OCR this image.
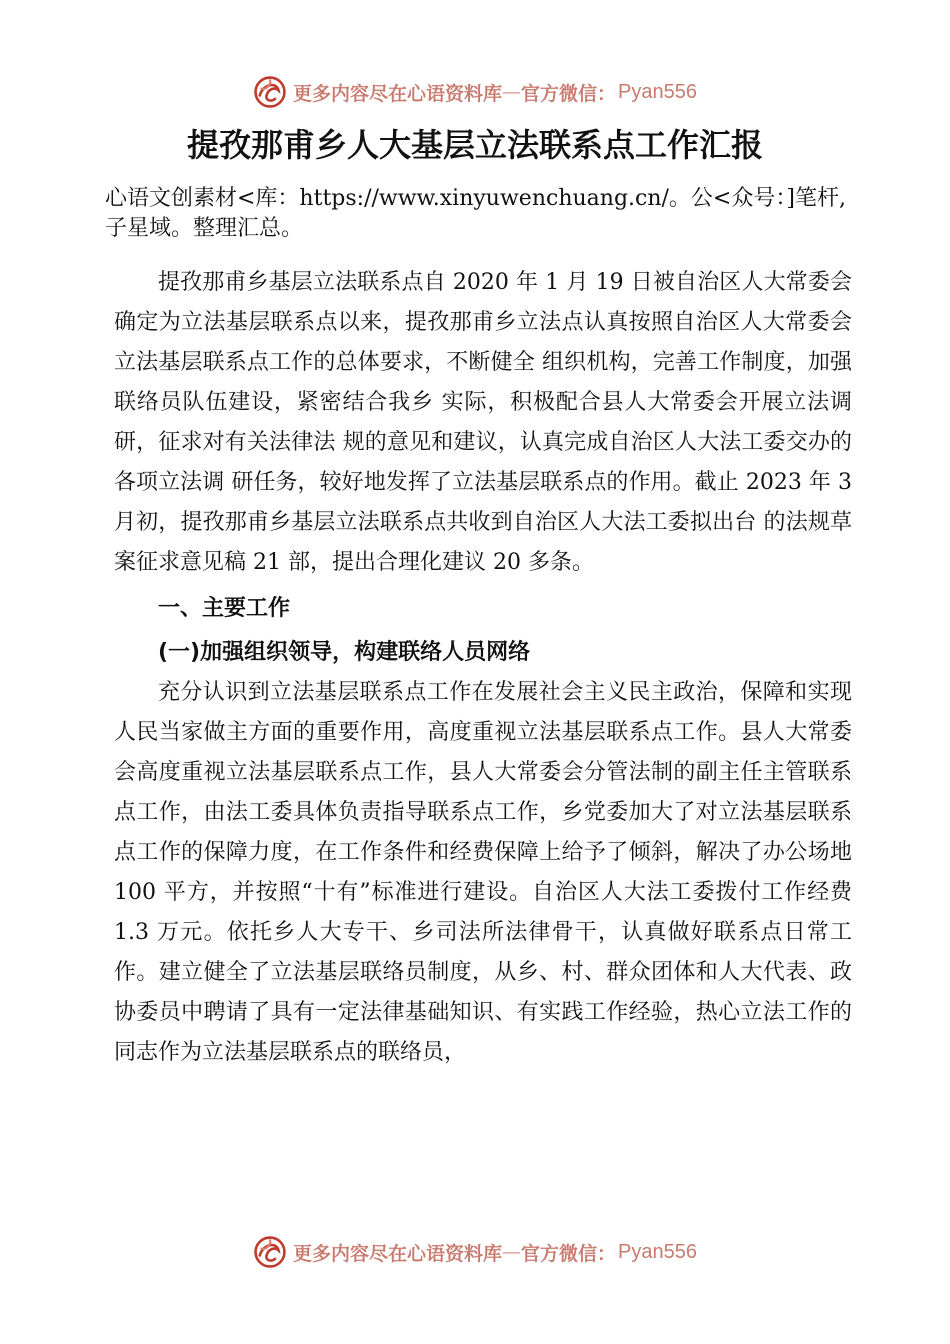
更多内容尽在心语资料库 — 官方微信： Pyan556
提孜那甫乡人大基层立法联系点工作汇报
心语文创素材<库：https://www.xinyuwenchuang.cn/。公<众号：]笔杆,子星域。整理汇总。

提孜那甫乡基层立法联系点自 2020 年 1 月 19 日被自治区人大常委会确定为立法基层联系点以来，提孜那甫乡立法点认真按照自治区人大常委会立法基层联系点工作的总体要求，不断健全 组织机构，完善工作制度，加强联络员队伍建设，紧密结合我乡 实际，积极配合县人大常委会开展立法调研，征求对有关法律法 规的意见和建议，认真完成自治区人大法工委交办的各项立法调 研任务，较好地发挥了立法基层联系点的作用。截止 2023 年 3 月初，提孜那甫乡基层立法联系点共收到自治区人大法工委拟出台 的法规草案征求意见稿 21 部，提出合理化建议 20 多条。

一、主要工作

(一)加强组织领导，构建联络人员网络

充分认识到立法基层联系点工作在发展社会主义民主政治，保障和实现人民当家做主方面的重要作用，高度重视立法基层联系点工作。县人大常委会高度重视立法基层联系点工作，县人大常委会分管法制的副主任主管联系点工作，由法工委具体负责指导联系点工作，乡党委加大了对立法基层联系点工作的保障力度，在工作条件和经费保障上给予了倾斜，解决了办公场地 100 平方，并按照“十有”标准进行建设。自治区人大法工委拨付工作经费 1.3 万元。依托乡人大专干、乡司法所法律骨干，认真做好联系点日常工作。建立健全了立法基层联络员制度，从乡、村、群众团体和人大代表、政协委员中聘请了具有一定法律基础知识、有实践工作经验，热心立法工作的同志作为立法基层联系点的联络员，

更多内容尽在心语资料库 — 官方微信： Pyan556
